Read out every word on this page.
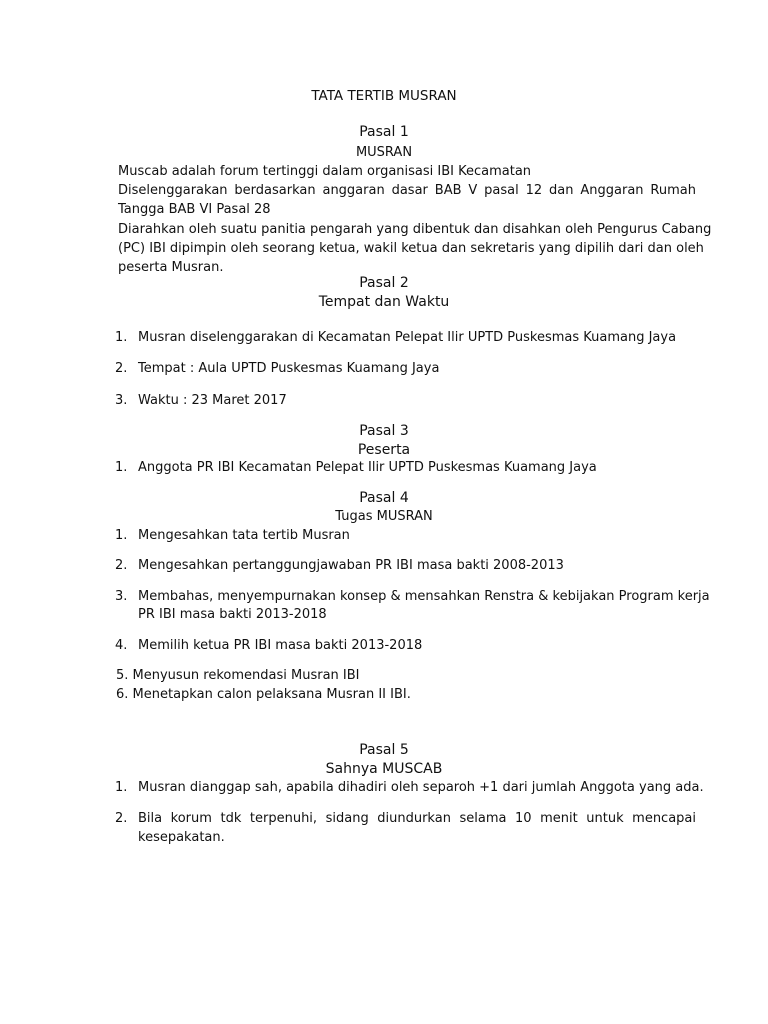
TATA TERTIB MUSRAN
Pasal 1
MUSRAN
Muscab adalah forum tertinggi dalam organisasi IBI Kecamatan
Diselenggarakan berdasarkan anggaran dasar BAB V pasal 12 dan Anggaran Rumah
Tangga BAB VI Pasal 28
Diarahkan oleh suatu panitia pengarah yang dibentuk dan disahkan oleh Pengurus Cabang
(PC) IBI dipimpin oleh seorang ketua, wakil ketua dan sekretaris yang dipilih dari dan oleh
peserta Musran.
Pasal 2
Tempat dan Waktu
1. Musran diselenggarakan di Kecamatan Pelepat Ilir UPTD Puskesmas Kuamang Jaya
2. Tempat : Aula UPTD Puskesmas Kuamang Jaya
3. Waktu : 23 Maret 2017
Pasal 3
Peserta
1. Anggota PR IBI Kecamatan Pelepat Ilir UPTD Puskesmas Kuamang Jaya
Pasal 4
Tugas MUSRAN
1. Mengesahkan tata tertib Musran
2. Mengesahkan pertanggungjawaban PR IBI masa bakti 2008-2013
3. Membahas, menyempurnakan konsep & mensahkan Renstra & kebijakan Program kerja
PR IBI masa bakti 2013-2018
4. Memilih ketua PR IBI masa bakti 2013-2018
5. Menyusun rekomendasi Musran IBI
6. Menetapkan calon pelaksana Musran II IBI.
Pasal 5
Sahnya MUSCAB
1. Musran dianggap sah, apabila dihadiri oleh separoh +1 dari jumlah Anggota yang ada.
2. Bila korum tdk terpenuhi, sidang diundurkan selama 10 menit untuk mencapai
kesepakatan.
